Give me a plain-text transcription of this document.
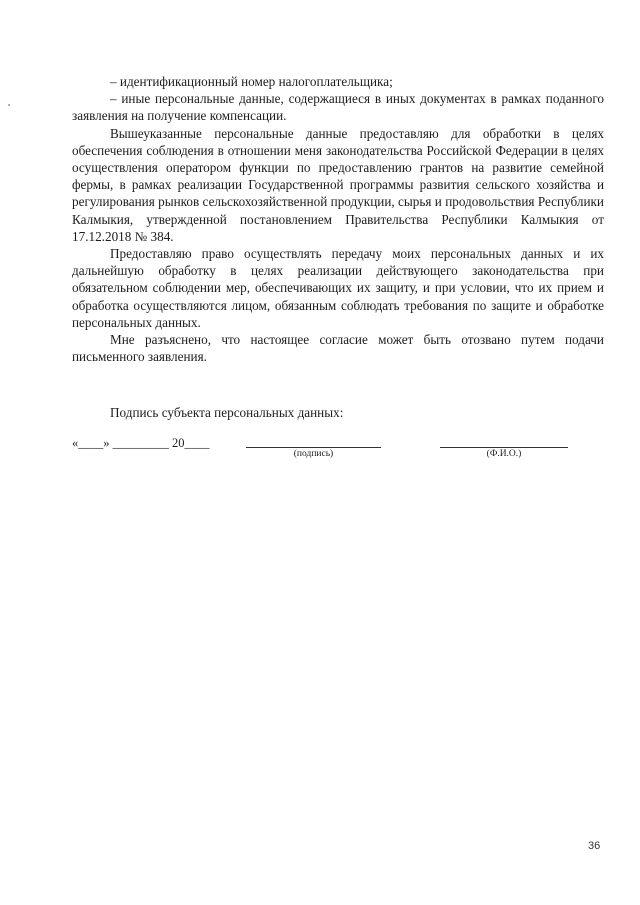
– идентификационный номер налогоплательщика;

– иные персональные данные, содержащиеся в иных документах в рамках поданного заявления на получение компенсации.

Вышеуказанные персональные данные предоставляю для обработки в целях обеспечения соблюдения в отношении меня законодательства Российской Федерации в целях осуществления оператором функции по предоставлению грантов на развитие семейной фермы, в рамках реализации Государственной программы развития сельского хозяйства и регулирования рынков сельскохозяйственной продукции, сырья и продовольствия Республики Калмыкия, утвержденной постановлением Правительства Республики Калмыкия от 17.12.2018 № 384.

Предоставляю право осуществлять передачу моих персональных данных и их дальнейшую обработку в целях реализации действующего законодательства при обязательном соблюдении мер, обеспечивающих их защиту, и при условии, что их прием и обработка осуществляются лицом, обязанным соблюдать требования по защите и обработке персональных данных.

Мне разъяснено, что настоящее согласие может быть отозвано путем подачи письменного заявления.

Подпись субъекта персональных данных:
«____» _________ 20____
(подпись)	(Ф.И.О.)
36
